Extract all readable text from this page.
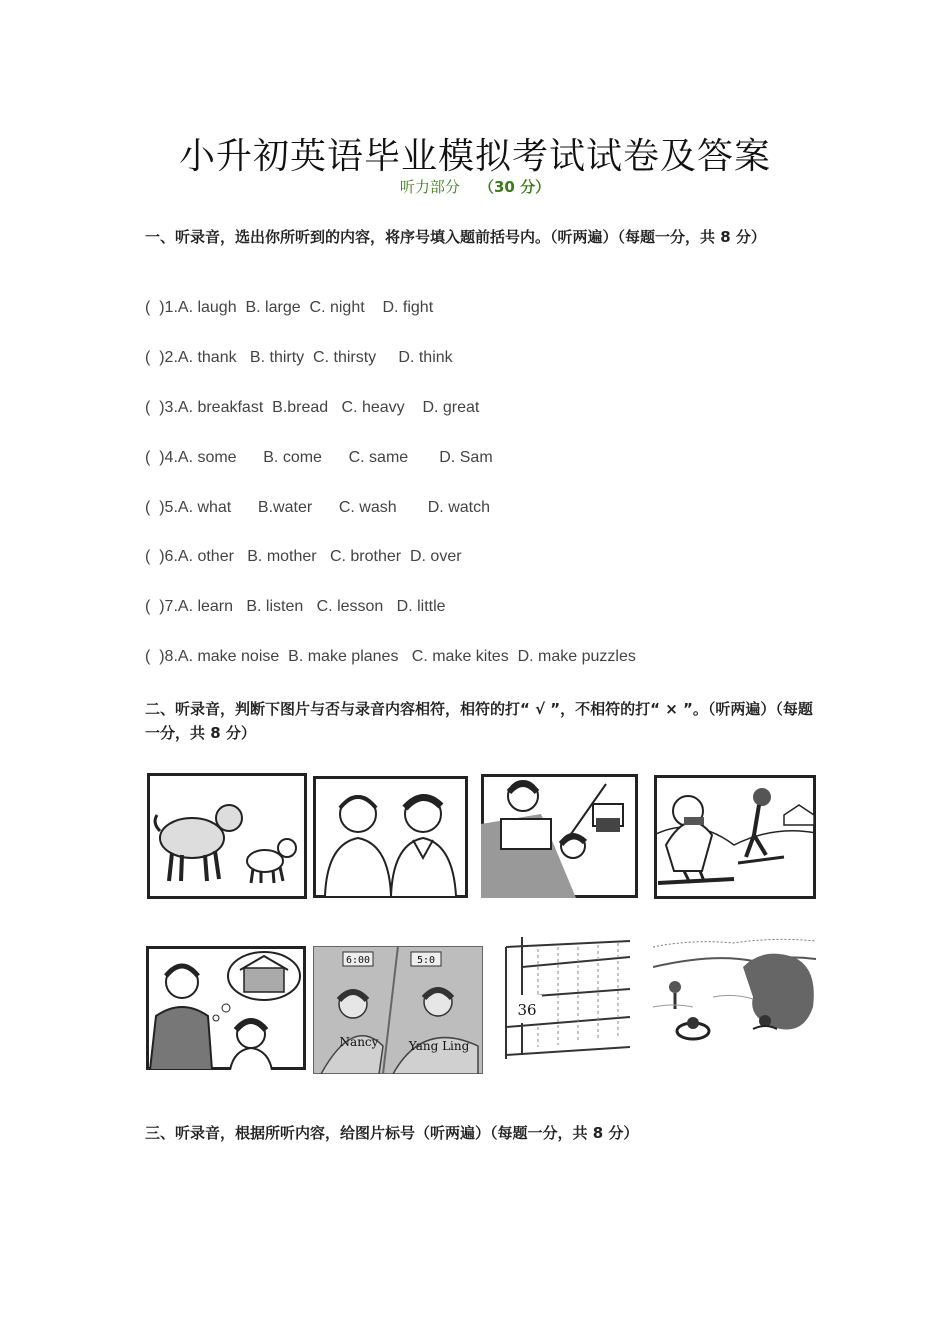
小升初英语毕业模拟考试试卷及答案
听力部分 （30 分）
一、听录音，选出你所听到的内容，将序号填入题前括号内。（听两遍）（每题一分，共 8 分）
(  )1.A. laugh  B. large  C. night    D. fight
(  )2.A. thank   B. thirty  C. thirsty     D. think
(  )3.A. breakfast  B.bread   C. heavy    D. great
(  )4.A. some      B. come      C. same       D. Sam
(  )5.A. what      B.water      C. wash       D. watch
(  )6.A. other   B. mother   C. brother  D. over
(  )7.A. learn   B. listen   C. lesson   D. little
(  )8.A. make noise  B. make planes   C. make kites  D. make puzzles
二、听录音，判断下图片与否与录音内容相符，相符的打“ √ ”，不相符的打“ × ”。（听两遍）（每题一分，共 8 分）
6:00	5:0
Nancy	Yang Ling
36
三、听录音，根据所听内容，给图片标号（听两遍）（每题一分，共 8 分）
